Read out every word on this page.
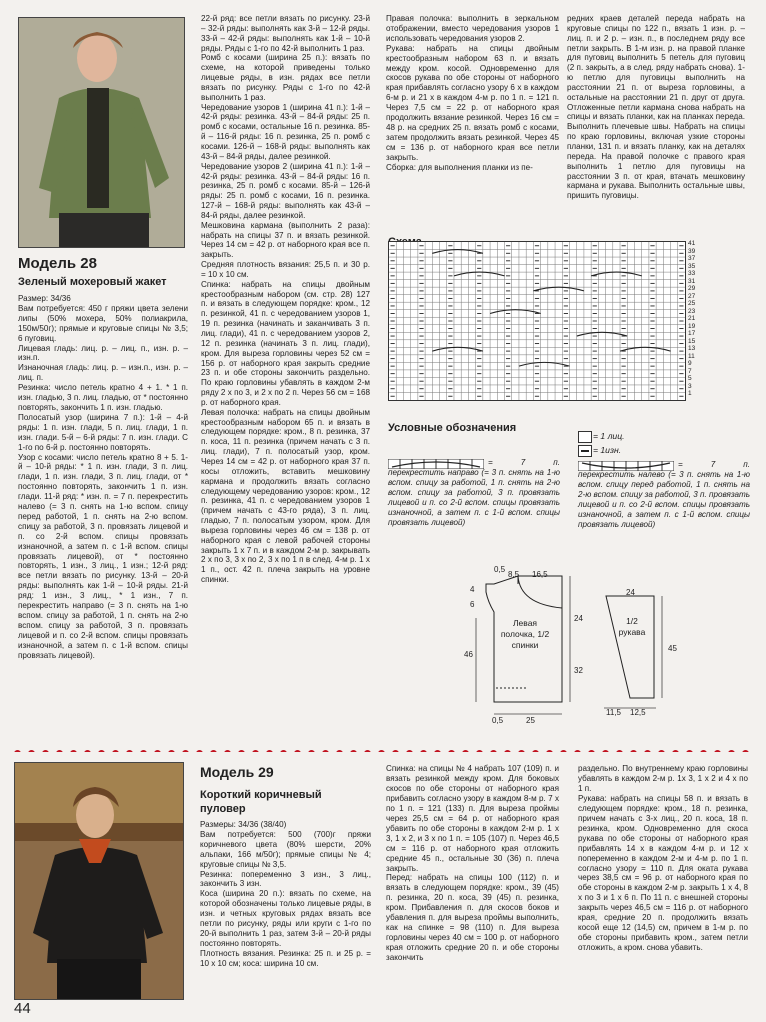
Модель 28
Зеленый мохеровый жакет
Размер: 34/36
Вам потребуется: 450 г пряжи цвета зелени липы (50% мохера, 50% полиакрила, 150м/50г); прямые и круговые спицы № 3,5; 6 пуговиц.
Лицевая гладь: лиц. р. – лиц. п., изн. р. – изн.п.
Изнаночная гладь: лиц. р. – изн.п., изн. р. – лиц. п.
Резинка: число петель кратно 4 + 1. * 1 п. изн. гладью, 3 п. лиц. гладью, от * постоянно повторять, закончить 1 п. изн. гладью.
Полосатый узор (ширина 7 п.): 1-й – 4-й ряды: 1 п. изн. глади, 5 п. лиц. глади, 1 п. изн. глади. 5-й – 6-й ряды: 7 п. изн. глади. С 1-го по 6-й р. постоянно повторять.
Узор с косами: число петель кратно 8 + 5. 1-й – 10-й ряды: * 1 п. изн. глади, 3 п. лиц. глади, 1 п. изн. глади, 3 п. лиц. глади, от * постоянно повторять, закончить 1 п. изн. глади. 11-й ряд: * изн. п. = 7 п. перекрестить налево (= 3 п. снять на 1-ю вспом. спицу перед работой, 1 п. снять на 2-ю вспом. спицу за работой, 3 п. провязать лицевой и п. со 2-й вспом. спицы провязать изнаночной, а затем п. с 1-й вспом. спицы провязать лицевой), от * постоянно повторять, 1 изн., 3 лиц., 1 изн.; 12-й ряд: все петли вязать по рисунку. 13-й – 20-й ряды: выполнять как 1-й – 10-й ряды. 21-й ряд: 1 изн., 3 лиц., * 1 изн., 7 п. перекрестить направо (= 3 п. снять на 1-ю вспом. спицу за работой, 1 п. снять на 2-ю вспом. спицу за работой, 3 п. провязать лицевой и п. со 2-й вспом. спицы провязать изнаночной, а затем п. с 1-й вспом. спицы провязать лицевой).
22-й ряд: все петли вязать по рисунку. 23-й – 32-й ряды: выполнять как 3-й – 12-й ряды. 33-й – 42-й ряды: выполнять как 1-й – 10-й ряды. Ряды с 1-го по 42-й выполнить 1 раз.
Ромб с косами (ширина 25 п.): вязать по схеме, на которой приведены только лицевые ряды, в изн. рядах все петли вязать по рисунку. Ряды с 1-го по 42-й выполнить 1 раз.
Чередование узоров 1 (ширина 41 п.): 1-й – 42-й ряды: резинка. 43-й – 84-й ряды: 25 п. ромб с косами, остальные 16 п. резинка. 85-й – 116-й ряды: 16 п. резинка, 25 п. ромб с косами. 126-й – 168-й ряды: выполнять как 43-й – 84-й ряды, далее резинкой.
Чередование узоров 2 (ширина 41 п.): 1-й – 42-й ряды: резинка. 43-й – 84-й ряды: 16 п. резинка, 25 п. ромб с косами. 85-й – 126-й ряды: 25 п. ромб с косами, 16 п. резинка. 127-й – 168-й ряды: выполнять как 43-й – 84-й ряды, далее резинкой.
Мешковина кармана (выполнить 2 раза): набрать на спицы 37 п. и вязать резинкой. Через 14 см = 42 р. от наборного края все п. закрыть.
Средняя плотность вязания: 25,5 п. и 30 р. = 10 х 10 см.
Спинка: набрать на спицы двойным крестообразным набором (см. стр. 28) 127 п. и вязать в следующем порядке: кром., 12 п. резинкой, 41 п. с чередованием узоров 1, 19 п. резинка (начинать и заканчивать 3 п. лиц. глади), 41 п. с чередованием узоров 2, 12 п. резинка (начинать 3 п. лиц. глади), кром. Для выреза горловины через 52 см = 156 р. от наборного края закрыть средние 23 п. и обе стороны закончить раздельно. По краю горловины убавлять в каждом 2-м ряду 2 х по 3, и 2 х по 2 п. Через 56 см = 168 р. от наборного края.
Левая полочка: набрать на спицы двойным крестообразным набором 65 п. и вязать в следующем порядке: кром., 8 п. резинка, 37 п. коса, 11 п. резинка (причем начать с 3 п. лиц. глади), 7 п. полосатый узор, кром. Через 14 см = 42 р. от наборного края 37 п. косы отложить, вставить мешковину кармана и продолжить вязать согласно следующему чередованию узоров: кром., 12 п. резинка, 41 п. с чередованием узоров 1 (причем начать с 43-го ряда), 3 п. лиц. гладью, 7 п. полосатым узором, кром. Для выреза горловины через 46 см = 138 р. от наборного края с левой рабочей стороны закрыть 1 х 7 п. и в каждом 2-м р. закрывать 2 х по 3, 3 х по 2, 3 х по 1 п в след. 4-м р. 1 х 1 п., ост. 42 п. плеча закрыть на уровне спинки.
Правая полочка: выполнить в зеркальном отображении, вместо чередования узоров 1 использовать чередования узоров 2.
Рукава: набрать на спицы двойным крестообразным набором 63 п. и вязать между кром. косой. Одновременно для скосов рукава по обе стороны от наборного края прибавлять согласно узору 6 х в каждом 6-м р. и 21 х в каждом 4-м р. по 1 п. = 121 п. Через 7,5 см = 22 р. от наборного края продолжить вязание резинкой. Через 16 см = 48 р. на средних 25 п. вязать ромб с косами, затем продолжить вязать резинкой. Через 45 см = 136 р. от наборного края все петли закрыть.
Сборка: для выполнения планки из пе-
редних краев деталей переда набрать на круговые спицы по 122 п., вязать 1 изн. р. – лиц. п. и 2 р. – изн. п., в последнем ряду все петли закрыть. В 1-м изн. р. на правой планке для пуговиц выполнить 5 петель для пуговиц (2 п. закрыть, а в след. ряду набрать снова). 1-ю петлю для пуговицы выполнить на расстоянии 21 п. от выреза горловины, а остальные на расстоянии 21 п. друг от друга. Отложенные петли кармана снова набрать на спицы и вязать планки, как на планках переда. Выполнить плечевые швы. Набрать на спицы по краю горловины, включая узкие стороны планки, 131 п. и вязать планку, как на деталях переда. На правой полочке с правого края выполнить 1 петлю для пуговицы на расстоянии 3 п. от края, втачать мешковину кармана и рукава. Выполнить остальные швы, пришить пуговицы.
41
39
37
35
33
31
29
27
25
23
21
19
17
15
13
11
9
7
5
3
1
Условные обозначения
= 7 п. перекрестить направо (= 3 п. снять на 1-ю вспом. спицу за работой, 1 п. снять на 2-ю вспом. спицу за работой, 3 п. провязать лицевой и п. со 2-й вспом. спицы провязать изнаночной, а затем п. с 1-й вспом. спицы провязать лицевой)
= 1 лиц.
= 1изн.
= 7 п. перекрестить налево (= 3 п. снять на 1-ю вспом. спицу перед работой, 1 п. снять на 2-ю вспом. спицу за работой, 3 п. провязать лицевой и п. со 2-й вспом. спицы провязать изнаночной, а затем п. с 1-й вспом. спицы провязать лицевой)
0,5
8,5 16,5
4
6
24
46
32
0,5	25
Левая полочка, 1/2 спинки
24
45
11,5 12,5
1/2 рукава
Модель 29
Короткий коричневый пуловер
Размеры: 34/36 (38/40)
Вам потребуется: 500 (700)г пряжи коричневого цвета (80% шерсти, 20% альпаки, 166 м/50г); прямые спицы № 4; круговые спицы № 3,5.
Резинка: попеременно 3 изн., 3 лиц., закончить 3 изн.
Коса (ширина 20 п.): вязать по схеме, на которой обозначены только лицевые ряды, в изн. и четных круговых рядах вязать все петли по рисунку, ряды или круги с 1-го по 20-й выполнить 1 раз, затем 3-й – 20-й ряды постоянно повторять.
Плотность вязания. Резинка: 25 п. и 25 р. = 10 х 10 см; коса: ширина 10 см.
Спинка: на спицы № 4 набрать 107 (109) п. и вязать резинкой между кром. Для боковых скосов по обе стороны от наборного края прибавить согласно узору в каждом 8-м р. 7 х по 1 п. = 121 (133) п. Для выреза проймы через 25,5 см = 64 р. от наборного края убавить по обе стороны в каждом 2-м р. 1 х 3, 1 х 2, и 3 х по 1 п. = 105 (107) п. Через 46,5 см = 116 р. от наборного края отложить средние 45 п., остальные 30 (36) п. плеча закрыть.
Перед: набрать на спицы 100 (112) п. и вязать в следующем порядке: кром., 39 (45) п. резинка, 20 п. коса, 39 (45) п. резинка, кром. Прибавления п. для скосов боков и убавления п. для выреза проймы выполнить, как на спинке = 98 (110) п. Для выреза горловины через 40 см = 100 р. от наборного края отложить средние 20 п. и обе стороны закончить
раздельно. По внутреннему краю горловины убавлять в каждом 2-м р. 1х 3, 1 х 2 и 4 х по 1 п.
Рукава: набрать на спицы 58 п. и вязать в следующем порядке: кром., 18 п. резинка, причем начать с 3-х лиц., 20 п. коса, 18 п. резинка, кром. Одновременно для скоса рукава по обе стороны от наборного края прибавлять 14 х в каждом 4-м р. и 12 х попеременно в каждом 2-м и 4-м р. по 1 п. согласно узору = 110 п. Для оката рукава через 38,5 см = 96 р. от наборного края по обе стороны в каждом 2-м р. закрыть 1 х 4, 8 х по 3 и 1 х 6 п. По 11 п. с внешней стороны закрыть через 46,5 см = 116 р. от наборного края, средние 20 п. продолжить вязать косой еще 12 (14,5) см, причем в 1-м р. по обе стороны прибавить кром., затем петли отложить, а кром. снова убавить.
44
